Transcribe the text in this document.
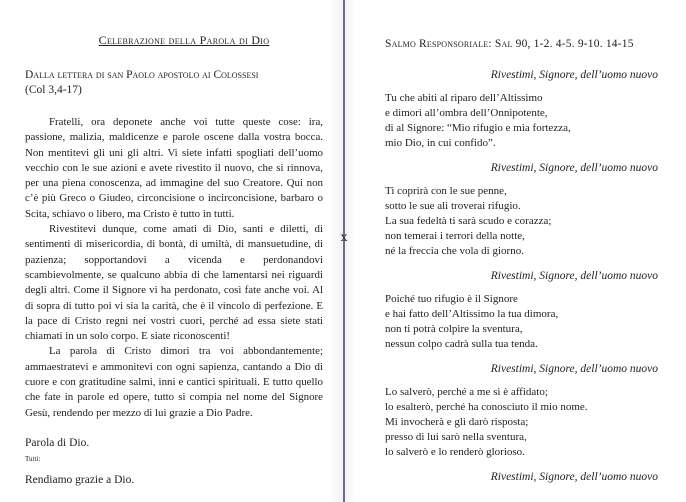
Celebrazione della Parola di Dio
Dalla lettera di san Paolo apostolo ai Colossesi
(Col 3,4-17)

Fratelli, ora deponete anche voi tutte queste cose: ira, passione, malizia, maldicenze e parole oscene dalla vostra bocca. Non mentitevi gli uni gli altri. Vi siete infatti spogliati dell’uomo vecchio con le sue azioni e avete rivestito il nuovo, che si rinnova, per una piena conoscenza, ad immagine del suo Creatore. Qui non c’è più Greco o Giudeo, circoncisione o incirconcisione, barbaro o Scita, schiavo o libero, ma Cristo è tutto in tutti.

Rivestitevi dunque, come amati di Dio, santi e diletti, di sentimenti di misericordia, di bontà, di umiltà, di mansuetudine, di pazienza; sopportandovi a vicenda e perdonandovi scambievolmente, se qualcuno abbia di che lamentarsi nei riguardi degli altri. Come il Signore vi ha perdonato, così fate anche voi. Al di sopra di tutto poi vi sia la carità, che è il vincolo di perfezione. E la pace di Cristo regni nei vostri cuori, perché ad essa siete stati chiamati in un solo corpo. E siate riconoscenti!

La parola di Cristo dimori tra voi abbondantemente; ammaestratevi e ammonitevi con ogni sapienza, cantando a Dio di cuore e con gratitudine salmi, inni e cantici spirituali. E tutto quello che fate in parole ed opere, tutto si compia nel nome del Signore Gesù, rendendo per mezzo di lui grazie a Dio Padre.

Parola di Dio.

Tutti:

Rendiamo grazie a Dio.

ⅹ
Salmo Responsoriale: Sal 90, 1-2. 4-5. 9-10. 14-15

Rivestimi, Signore, dell’uomo nuovo

Tu che abiti al riparo dell’Altissimo
e dimori all’ombra dell’Onnipotente,
di al Signore: “Mio rifugio e mia fortezza,
mio Dio, in cui confido”.

Rivestimi, Signore, dell’uomo nuovo

Ti coprirà con le sue penne,
sotto le sue ali troverai rifugio.
La sua fedeltà ti sarà scudo e corazza;
non temerai i terrori della notte,
né la freccia che vola di giorno.

Rivestimi, Signore, dell’uomo nuovo

Poiché tuo rifugio è il Signore
e hai fatto dell’Altissimo la tua dimora,
non ti potrà colpire la sventura,
nessun colpo cadrà sulla tua tenda.

Rivestimi, Signore, dell’uomo nuovo

Lo salverò, perché a me si è affidato;
lo esalterò, perché ha conosciuto il mio nome.
Mi invocherà e gli darò risposta;
presso di lui sarò nella sventura,
lo salverò e lo renderò glorioso.

Rivestimi, Signore, dell’uomo nuovo
